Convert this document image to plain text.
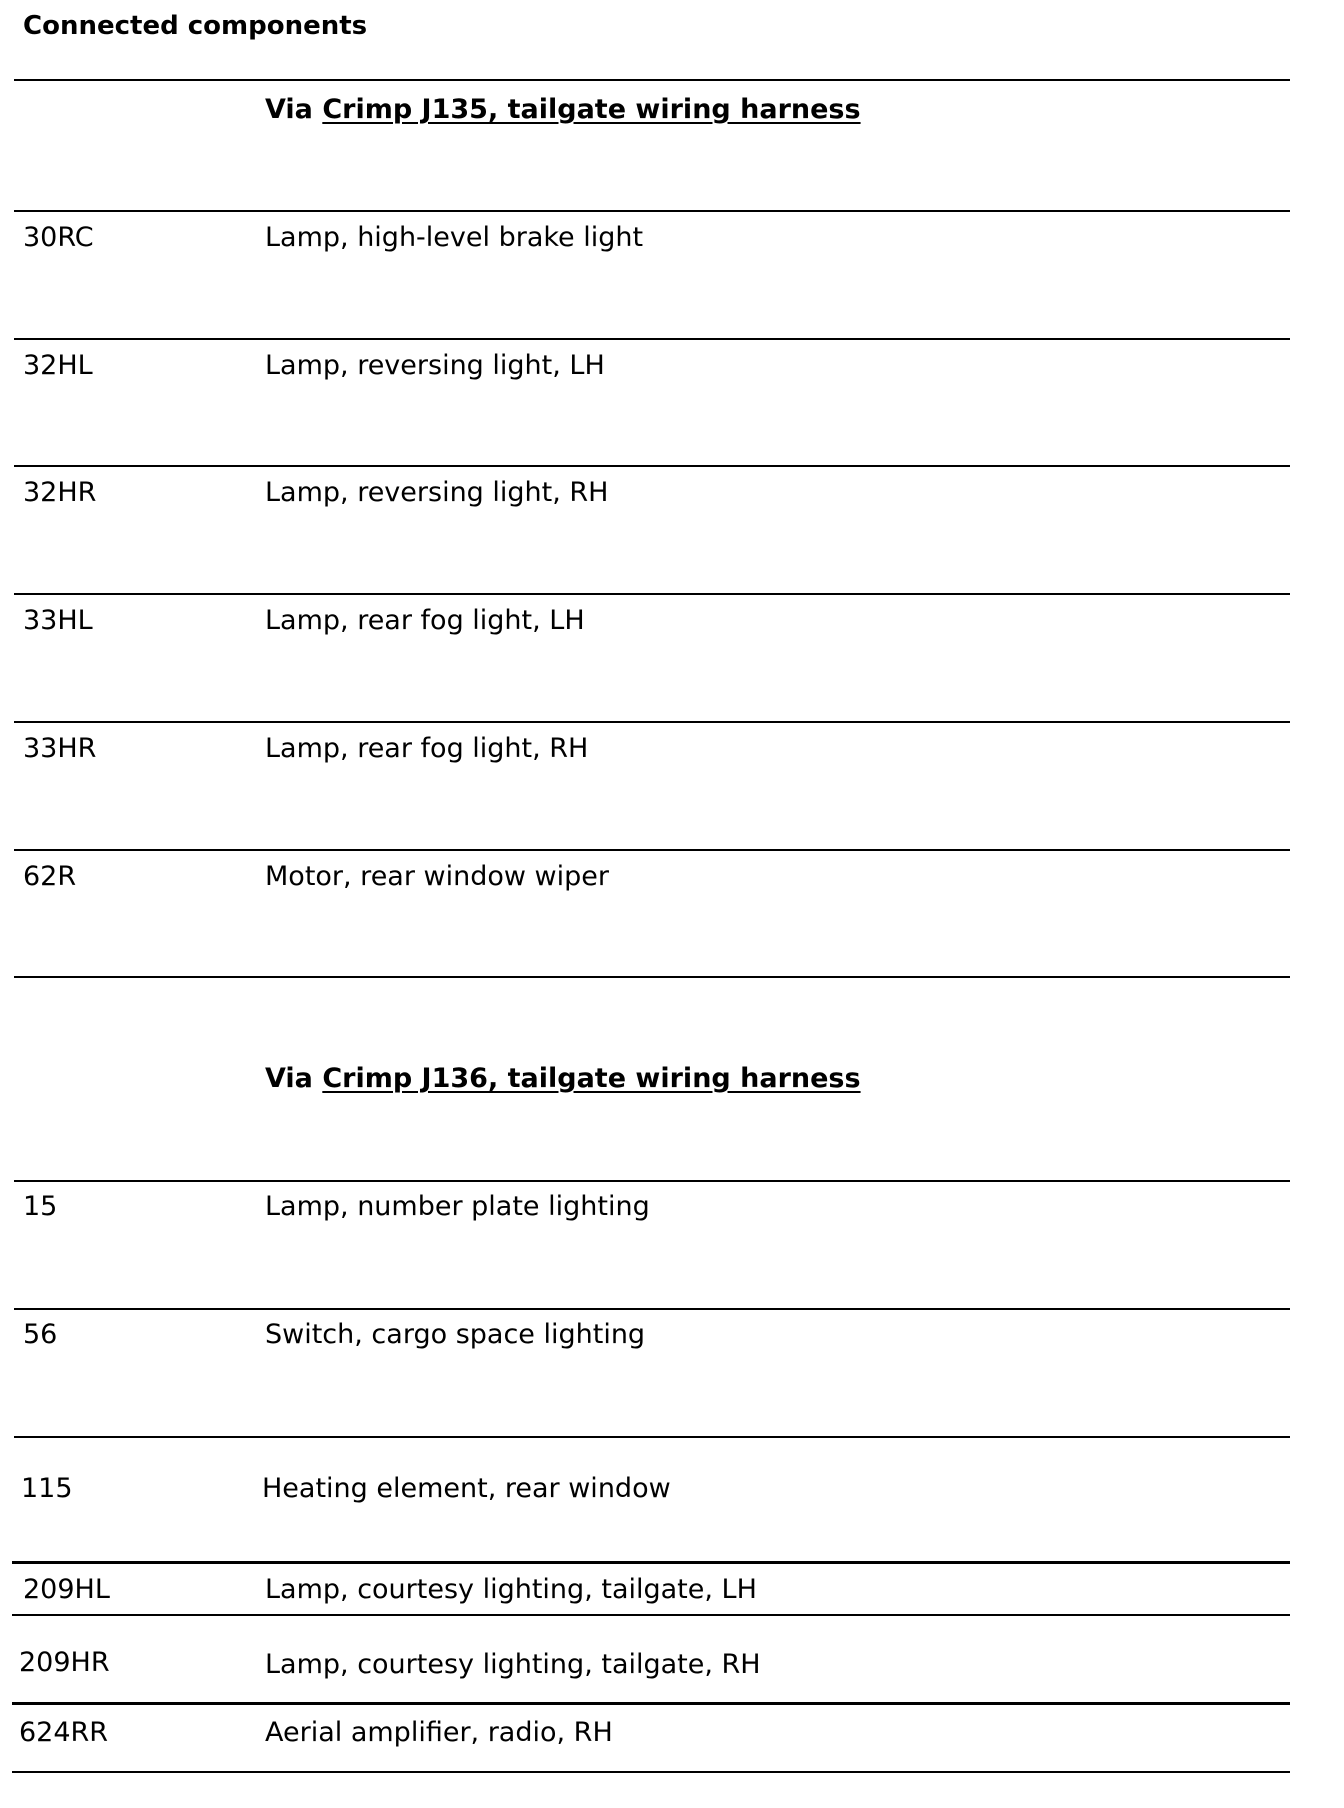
Connected components
Via Crimp J135, tailgate wiring harness
30RC	Lamp, high-level brake light
32HL	Lamp, reversing light, LH
32HR	Lamp, reversing light, RH
33HL	Lamp, rear fog light, LH
33HR	Lamp, rear fog light, RH
62R	Motor, rear window wiper
Via Crimp J136, tailgate wiring harness
15	Lamp, number plate lighting
56	Switch, cargo space lighting
115	Heating element, rear window
209HL	Lamp, courtesy lighting, tailgate, LH
209HR	Lamp, courtesy lighting, tailgate, RH
624RR	Aerial amplifier, radio, RH
